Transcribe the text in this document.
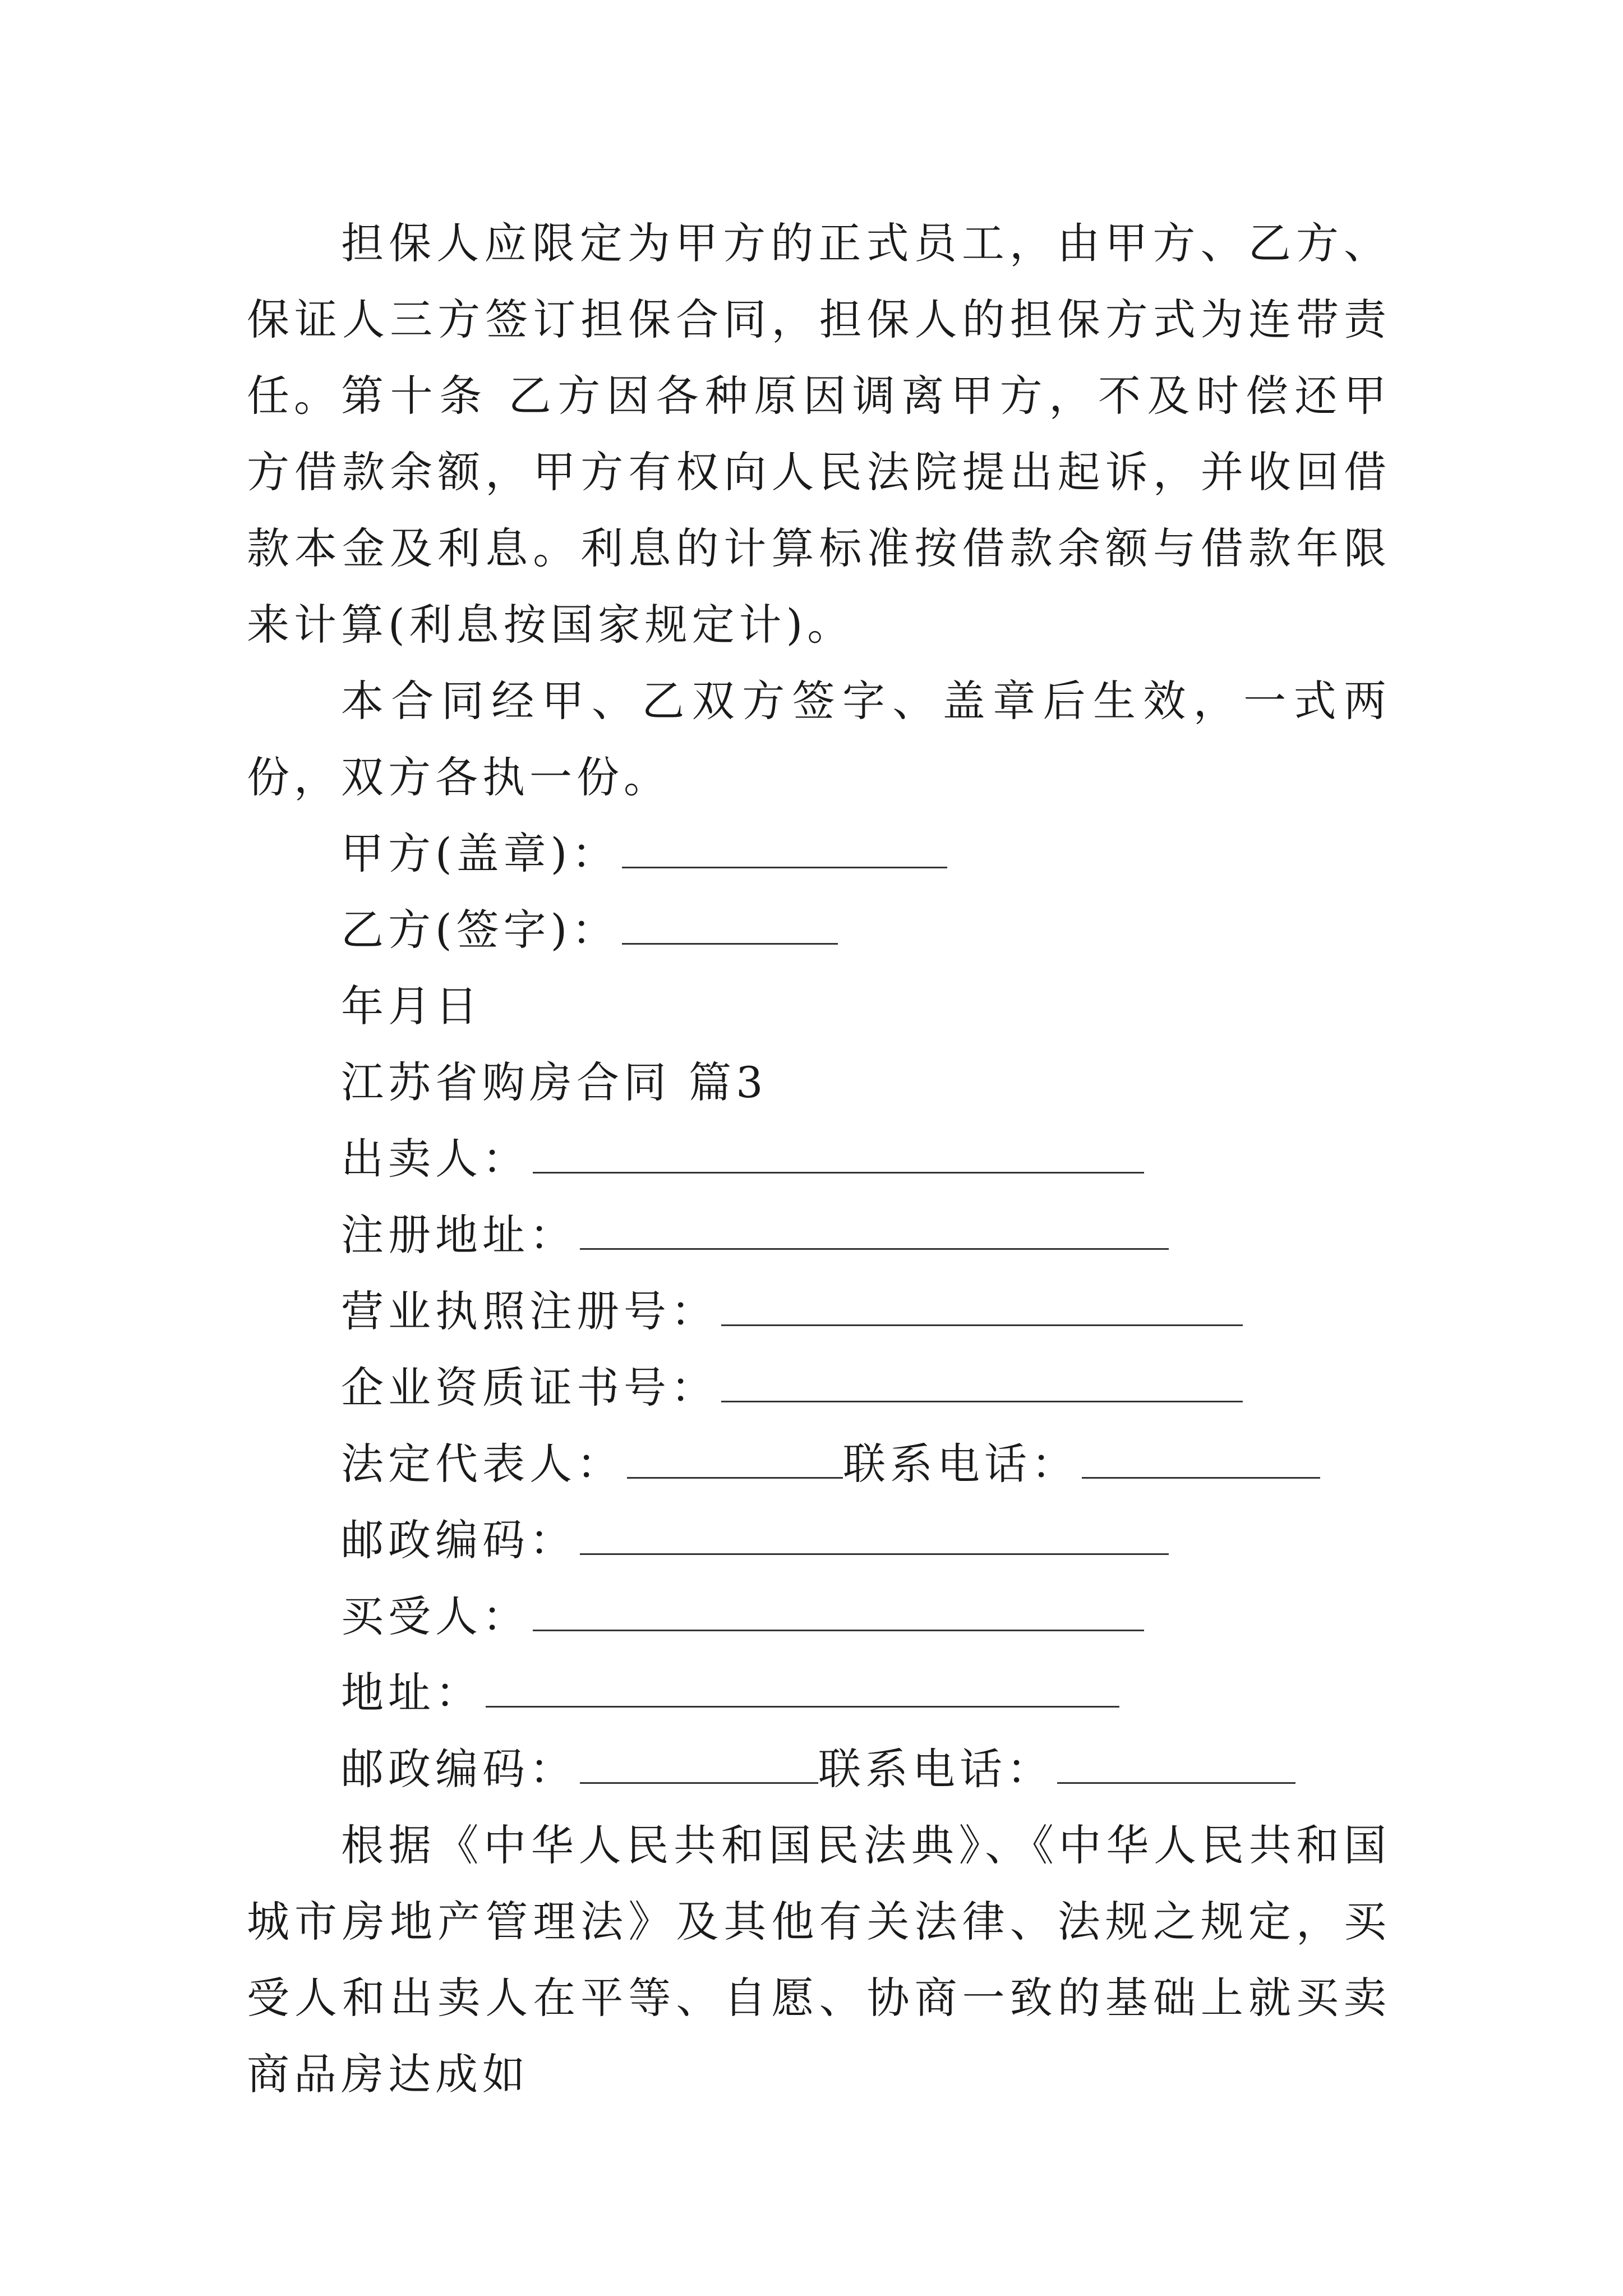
担保人应限定为甲方的正式员工，由甲方、乙方、保证人三方签订担保合同，担保人的担保方式为连带责任。 第十条 乙方因各种原因调离甲方，不及时偿还甲方借款余额，甲方有权向人民法院提出起诉，并收回借款本金及利息。利息的计算标准按借款余额与借款年限来计算(利息按国家规定计)。

本合同经甲、乙双方签字、盖章后生效，一式两份，双方各执一份。

甲方(盖章)：
乙方(签字)：
年月日
江苏省购房合同 篇3
出卖人：
注册地址：
营业执照注册号：
企业资质证书号：
法定代表人：	联系电话：
邮政编码：
买受人：
地址：
邮政编码：	联系电话：

根据《中华人民共和国民法典》、《中华人民共和国城市房地产管理法》及其他有关法律、法规之规定，买受人和出卖人在平等、自愿、协商一致的基础上就买卖商品房达成如
